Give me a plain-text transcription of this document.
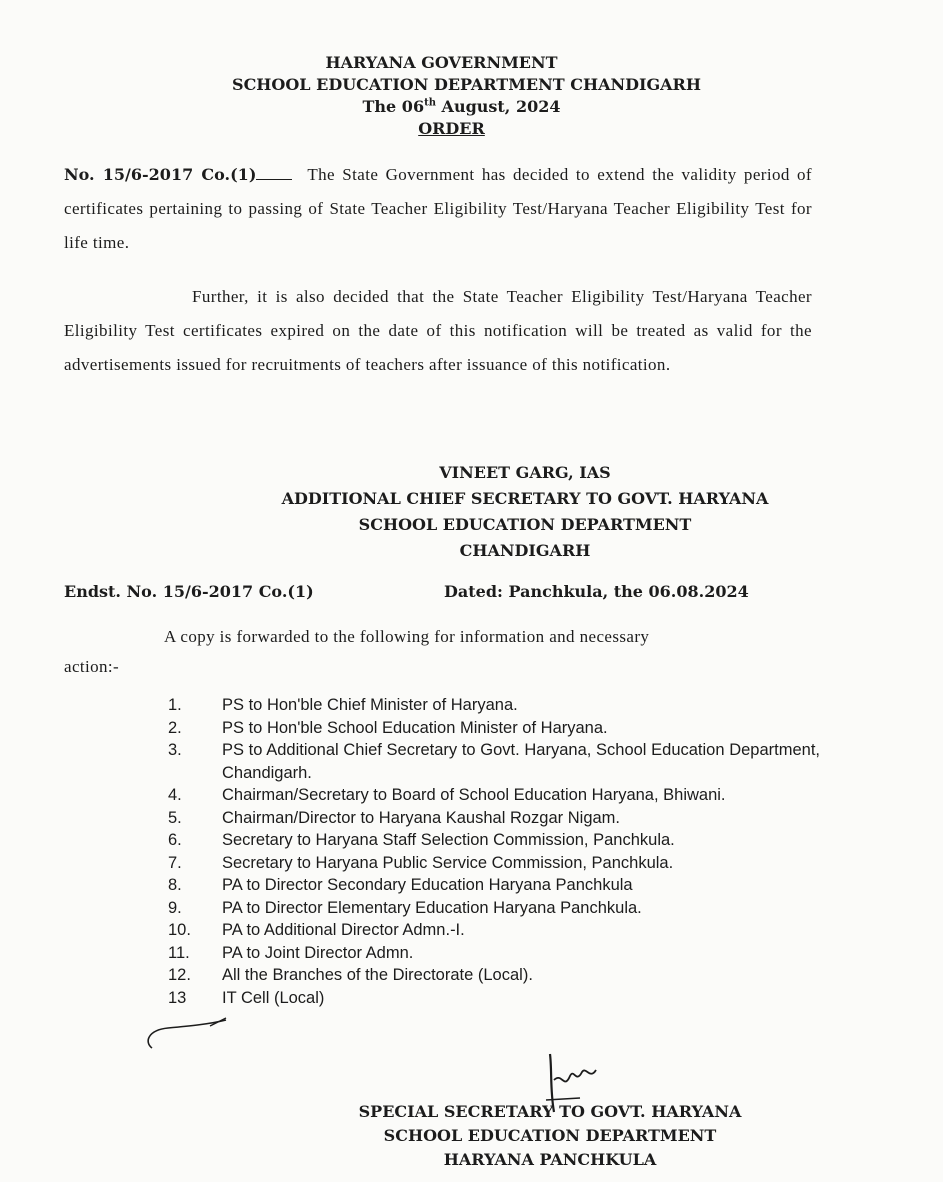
HARYANA GOVERNMENT
SCHOOL EDUCATION DEPARTMENT CHANDIGARH
The 06th August, 2024
ORDER
No. 15/6-2017 Co.(1)	The State Government has decided to extend the validity period of certificates pertaining to passing of State Teacher Eligibility Test/Haryana Teacher Eligibility Test for life time.
Further, it is also decided that the State Teacher Eligibility Test/Haryana Teacher Eligibility Test certificates expired on the date of this notification will be treated as valid for the advertisements issued for recruitments of teachers after issuance of this notification.
VINEET GARG, IAS
ADDITIONAL CHIEF SECRETARY TO GOVT. HARYANA
SCHOOL EDUCATION DEPARTMENT
CHANDIGARH
Endst. No. 15/6-2017 Co.(1)	Dated: Panchkula, the 06.08.2024
A copy is forwarded to the following for information and necessary
action:-
1.	PS to Hon'ble Chief Minister of Haryana.
2.	PS to Hon'ble School Education Minister of Haryana.
3.	PS to Additional Chief Secretary to Govt. Haryana, School Education Department, Chandigarh.
4.	Chairman/Secretary to Board of School Education Haryana, Bhiwani.
5.	Chairman/Director to Haryana Kaushal Rozgar Nigam.
6.	Secretary to Haryana Staff Selection Commission, Panchkula.
7.	Secretary to Haryana Public Service Commission, Panchkula.
8.	PA to Director Secondary Education Haryana Panchkula
9.	PA to Director Elementary Education Haryana Panchkula.
10.	PA to Additional Director Admn.-I.
11.	PA to Joint Director Admn.
12.	All the Branches of the Directorate (Local).
13	IT Cell (Local)
SPECIAL SECRETARY TO GOVT. HARYANA
SCHOOL EDUCATION DEPARTMENT
HARYANA PANCHKULA
